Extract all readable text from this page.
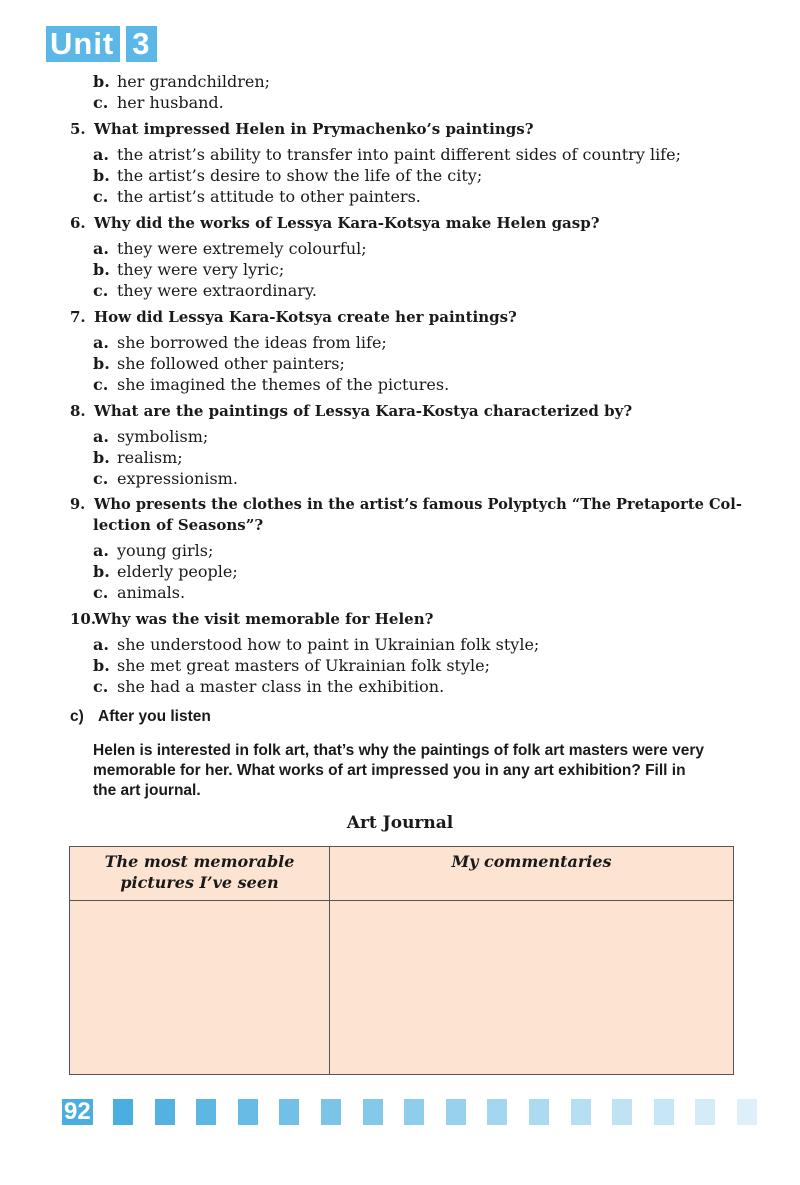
Unit 3
b. her grandchildren;
c. her husband.
5. What impressed Helen in Prymachenko’s paintings?
a. the atrist’s ability to transfer into paint different sides of country life;
b. the artist’s desire to show the life of the city;
c. the artist’s attitude to other painters.
6. Why did the works of Lessya Kara-Kotsya make Helen gasp?
a. they were extremely colourful;
b. they were very lyric;
c. they were extraordinary.
7. How did Lessya Kara-Kotsya create her paintings?
a. she borrowed the ideas from life;
b. she followed other painters;
c. she imagined the themes of the pictures.
8. What are the paintings of Lessya Kara-Kostya characterized by?
a. symbolism;
b. realism;
c. expressionism.
9. Who presents the clothes in the artist’s famous Polyptych “The Pretaporte Col-
lection of Seasons”?
a. young girls;
b. elderly people;
c. animals.
10.Why was the visit memorable for Helen?
a. she understood how to paint in Ukrainian folk style;
b. she met great masters of Ukrainian folk style;
c. she had a master class in the exhibition.
c) After you listen
Helen is interested in folk art, that’s why the paintings of folk art masters were very
memorable for her. What works of art impressed you in any art exhibition? Fill in
the art journal.
Art Journal
The most memorable
pictures I’ve seen
My commentaries
92
